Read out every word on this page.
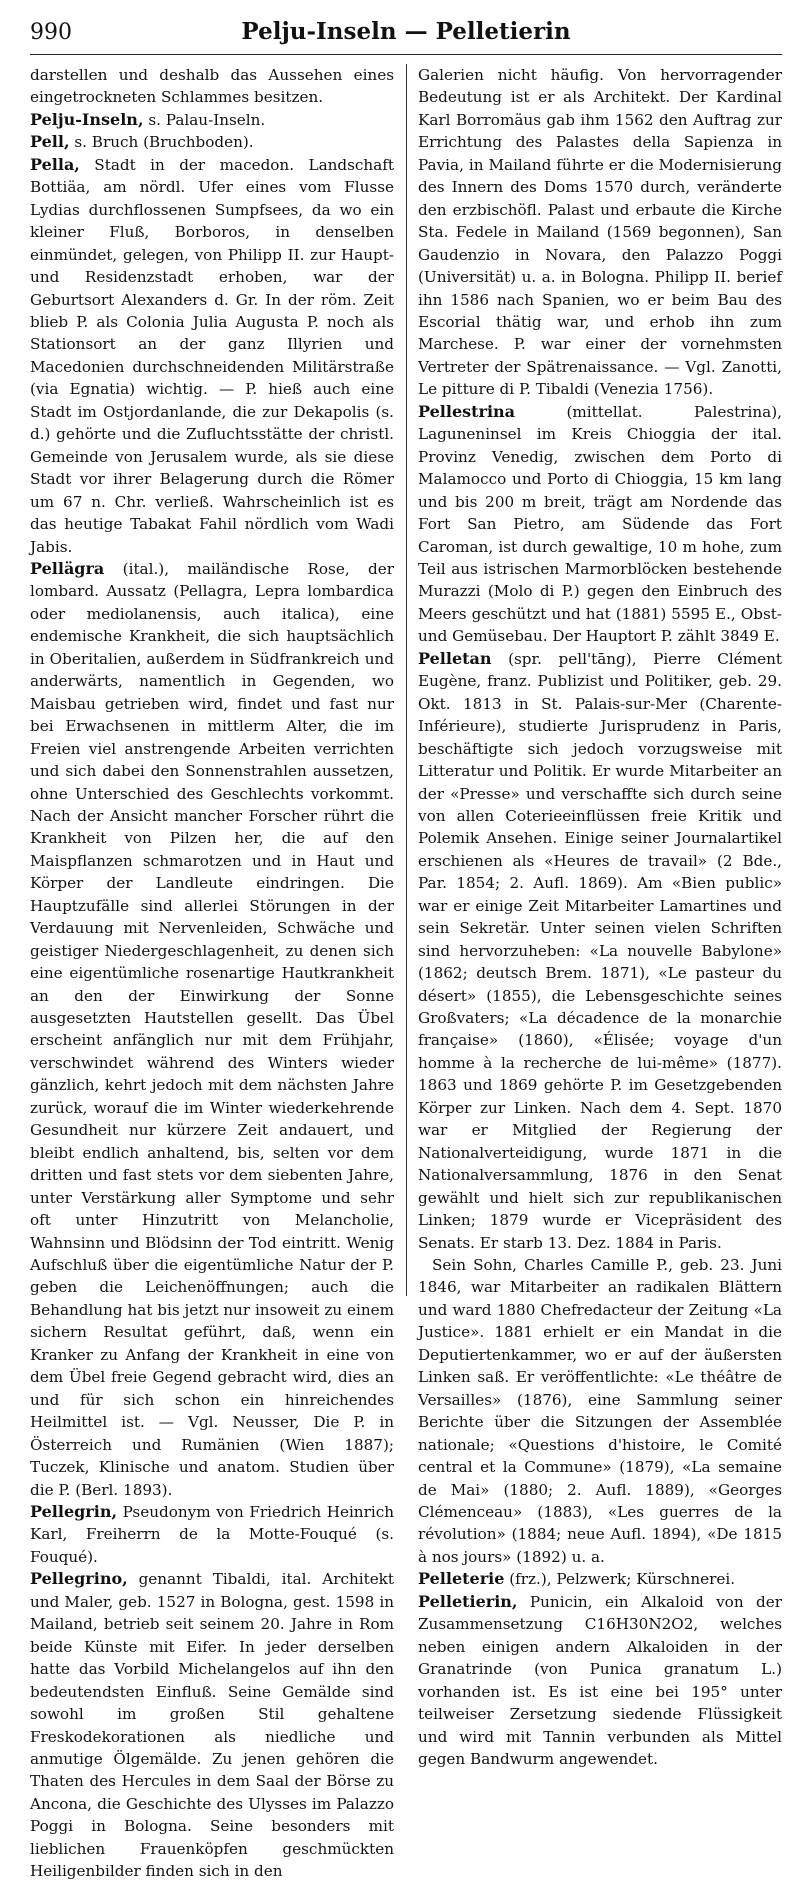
990	Pelju-Inseln — Pelletierin

darstellen und deshalb das Aussehen eines eingetrockneten Schlammes besitzen.

Pelju-Inseln, s. Palau-Inseln.

Pell, s. Bruch (Bruchboden).

Pella, Stadt in der macedon. Landschaft Bottiäa, am nördl. Ufer eines vom Flusse Lydias durchflossenen Sumpfsees, da wo ein kleiner Fluß, Borboros, in denselben einmündet, gelegen, von Philipp II. zur Haupt- und Residenzstadt erhoben, war der Geburtsort Alexanders d. Gr. In der röm. Zeit blieb P. als Colonia Julia Augusta P. noch als Stationsort an der ganz Illyrien und Macedonien durchschneidenden Militärstraße (via Egnatia) wichtig. — P. hieß auch eine Stadt im Ostjordanlande, die zur Dekapolis (s. d.) gehörte und die Zufluchtsstätte der christl. Gemeinde von Jerusalem wurde, als sie diese Stadt vor ihrer Belagerung durch die Römer um 67 n. Chr. verließ. Wahrscheinlich ist es das heutige Tabakat Fahil nördlich vom Wadi Jabis.

Pellägra (ital.), mailändische Rose, der lombard. Aussatz (Pellagra, Lepra lombardica oder mediolanensis, auch italica), eine endemische Krankheit, die sich hauptsächlich in Oberitalien, außerdem in Südfrankreich und anderwärts, namentlich in Gegenden, wo Maisbau getrieben wird, findet und fast nur bei Erwachsenen in mittlerm Alter, die im Freien viel anstrengende Arbeiten verrichten und sich dabei den Sonnenstrahlen aussetzen, ohne Unterschied des Geschlechts vorkommt. Nach der Ansicht mancher Forscher rührt die Krankheit von Pilzen her, die auf den Maispflanzen schmarotzen und in Haut und Körper der Landleute eindringen. Die Hauptzufälle sind allerlei Störungen in der Verdauung mit Nervenleiden, Schwäche und geistiger Niedergeschlagenheit, zu denen sich eine eigentümliche rosenartige Hautkrankheit an den der Einwirkung der Sonne ausgesetzten Hautstellen gesellt. Das Übel erscheint anfänglich nur mit dem Frühjahr, verschwindet während des Winters wieder gänzlich, kehrt jedoch mit dem nächsten Jahre zurück, worauf die im Winter wiederkehrende Gesundheit nur kürzere Zeit andauert, und bleibt endlich anhaltend, bis, selten vor dem dritten und fast stets vor dem siebenten Jahre, unter Verstärkung aller Symptome und sehr oft unter Hinzutritt von Melancholie, Wahnsinn und Blödsinn der Tod eintritt. Wenig Aufschluß über die eigentümliche Natur der P. geben die Leichenöffnungen; auch die Behandlung hat bis jetzt nur insoweit zu einem sichern Resultat geführt, daß, wenn ein Kranker zu Anfang der Krankheit in eine von dem Übel freie Gegend gebracht wird, dies an und für sich schon ein hinreichendes Heilmittel ist. — Vgl. Neusser, Die P. in Österreich und Rumänien (Wien 1887); Tuczek, Klinische und anatom. Studien über die P. (Berl. 1893).

Pellegrin, Pseudonym von Friedrich Heinrich Karl, Freiherrn de la Motte-Fouqué (s. Fouqué).

Pellegrino, genannt Tibaldi, ital. Architekt und Maler, geb. 1527 in Bologna, gest. 1598 in Mailand, betrieb seit seinem 20. Jahre in Rom beide Künste mit Eifer. In jeder derselben hatte das Vorbild Michelangelos auf ihn den bedeutendsten Einfluß. Seine Gemälde sind sowohl im großen Stil gehaltene Freskodekorationen als niedliche und anmutige Ölgemälde. Zu jenen gehören die Thaten des Hercules in dem Saal der Börse zu Ancona, die Geschichte des Ulysses im Palazzo Poggi in Bologna. Seine besonders mit lieblichen Frauenköpfen geschmückten Heiligenbilder finden sich in den

Galerien nicht häufig. Von hervorragender Bedeutung ist er als Architekt. Der Kardinal Karl Borromäus gab ihm 1562 den Auftrag zur Errichtung des Palastes della Sapienza in Pavia, in Mailand führte er die Modernisierung des Innern des Doms 1570 durch, veränderte den erzbischöfl. Palast und erbaute die Kirche Sta. Fedele in Mailand (1569 begonnen), San Gaudenzio in Novara, den Palazzo Poggi (Universität) u. a. in Bologna. Philipp II. berief ihn 1586 nach Spanien, wo er beim Bau des Escorial thätig war, und erhob ihn zum Marchese. P. war einer der vornehmsten Vertreter der Spätrenaissance. — Vgl. Zanotti, Le pitture di P. Tibaldi (Venezia 1756).

Pellestrina (mittellat. Palestrina), Laguneninsel im Kreis Chioggia der ital. Provinz Venedig, zwischen dem Porto di Malamocco und Porto di Chioggia, 15 km lang und bis 200 m breit, trägt am Nordende das Fort San Pietro, am Südende das Fort Caroman, ist durch gewaltige, 10 m hohe, zum Teil aus istrischen Marmorblöcken bestehende Murazzi (Molo di P.) gegen den Einbruch des Meers geschützt und hat (1881) 5595 E., Obst- und Gemüsebau. Der Hauptort P. zählt 3849 E.

Pelletan (spr. pell'tāng), Pierre Clément Eugène, franz. Publizist und Politiker, geb. 29. Okt. 1813 in St. Palais-sur-Mer (Charente-Inférieure), studierte Jurisprudenz in Paris, beschäftigte sich jedoch vorzugsweise mit Litteratur und Politik. Er wurde Mitarbeiter an der «Presse» und verschaffte sich durch seine von allen Coterieeinflüssen freie Kritik und Polemik Ansehen. Einige seiner Journalartikel erschienen als «Heures de travail» (2 Bde., Par. 1854; 2. Aufl. 1869). Am «Bien public» war er einige Zeit Mitarbeiter Lamartines und sein Sekretär. Unter seinen vielen Schriften sind hervorzuheben: «La nouvelle Babylone» (1862; deutsch Brem. 1871), «Le pasteur du désert» (1855), die Lebensgeschichte seines Großvaters; «La décadence de la monarchie française» (1860), «Élisée; voyage d'un homme à la recherche de lui-même» (1877). 1863 und 1869 gehörte P. im Gesetzgebenden Körper zur Linken. Nach dem 4. Sept. 1870 war er Mitglied der Regierung der Nationalverteidigung, wurde 1871 in die Nationalversammlung, 1876 in den Senat gewählt und hielt sich zur republikanischen Linken; 1879 wurde er Vicepräsident des Senats. Er starb 13. Dez. 1884 in Paris.

Sein Sohn, Charles Camille P., geb. 23. Juni 1846, war Mitarbeiter an radikalen Blättern und ward 1880 Chefredacteur der Zeitung «La Justice». 1881 erhielt er ein Mandat in die Deputiertenkammer, wo er auf der äußersten Linken saß. Er veröffentlichte: «Le théâtre de Versailles» (1876), eine Sammlung seiner Berichte über die Sitzungen der Assemblée nationale; «Questions d'histoire, le Comité central et la Commune» (1879), «La semaine de Mai» (1880; 2. Aufl. 1889), «Georges Clémenceau» (1883), «Les guerres de la révolution» (1884; neue Aufl. 1894), «De 1815 à nos jours» (1892) u. a.

Pelleterie (frz.), Pelzwerk; Kürschnerei.

Pelletierin, Punicin, ein Alkaloid von der Zusammensetzung C16H30N2O2, welches neben einigen andern Alkaloiden in der Granatrinde (von Punica granatum L.) vorhanden ist. Es ist eine bei 195° unter teilweiser Zersetzung siedende Flüssigkeit und wird mit Tannin verbunden als Mittel gegen Bandwurm angewendet.
